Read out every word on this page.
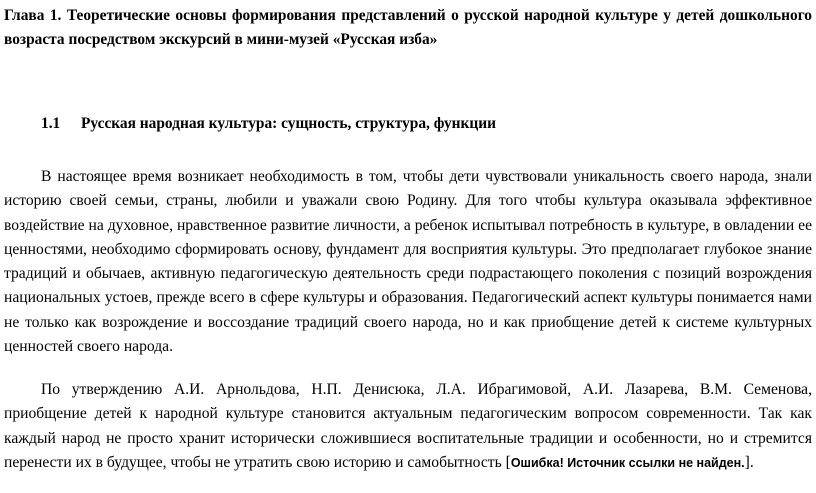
Глава 1. Теоретические основы формирования представлений о русской народной культуре у детей дошкольного возраста посредством экскурсий в мини-музей «Русская изба»
1.1 Русская народная культура: сущность, структура, функции

В настоящее время возникает необходимость в том, чтобы дети чувствовали уникальность своего народа, знали историю своей семьи, страны, любили и уважали свою Родину. Для того чтобы культура оказывала эффективное воздействие на духовное, нравственное развитие личности, а ребенок испытывал потребность в культуре, в овладении ее ценностями, необходимо сформировать основу, фундамент для восприятия культуры. Это предполагает глубокое знание традиций и обычаев, активную педагогическую деятельность среди подрастающего поколения с позиций возрождения национальных устоев, прежде всего в сфере культуры и образования. Педагогический аспект культуры понимается нами не только как возрождение и воссоздание традиций своего народа, но и как приобщение детей к системе культурных ценностей своего народа.

По утверждению А.И. Арнольдова, Н.П. Денисюка, Л.А. Ибрагимовой, А.И. Лазарева, В.М. Семенова, приобщение детей к народной культуре становится актуальным педагогическим вопросом современности. Так как каждый народ не просто хранит исторически сложившиеся воспитательные традиции и особенности, но и стремится перенести их в будущее, чтобы не утратить свою историю и самобытность [Ошибка! Источник ссылки не найден.].
